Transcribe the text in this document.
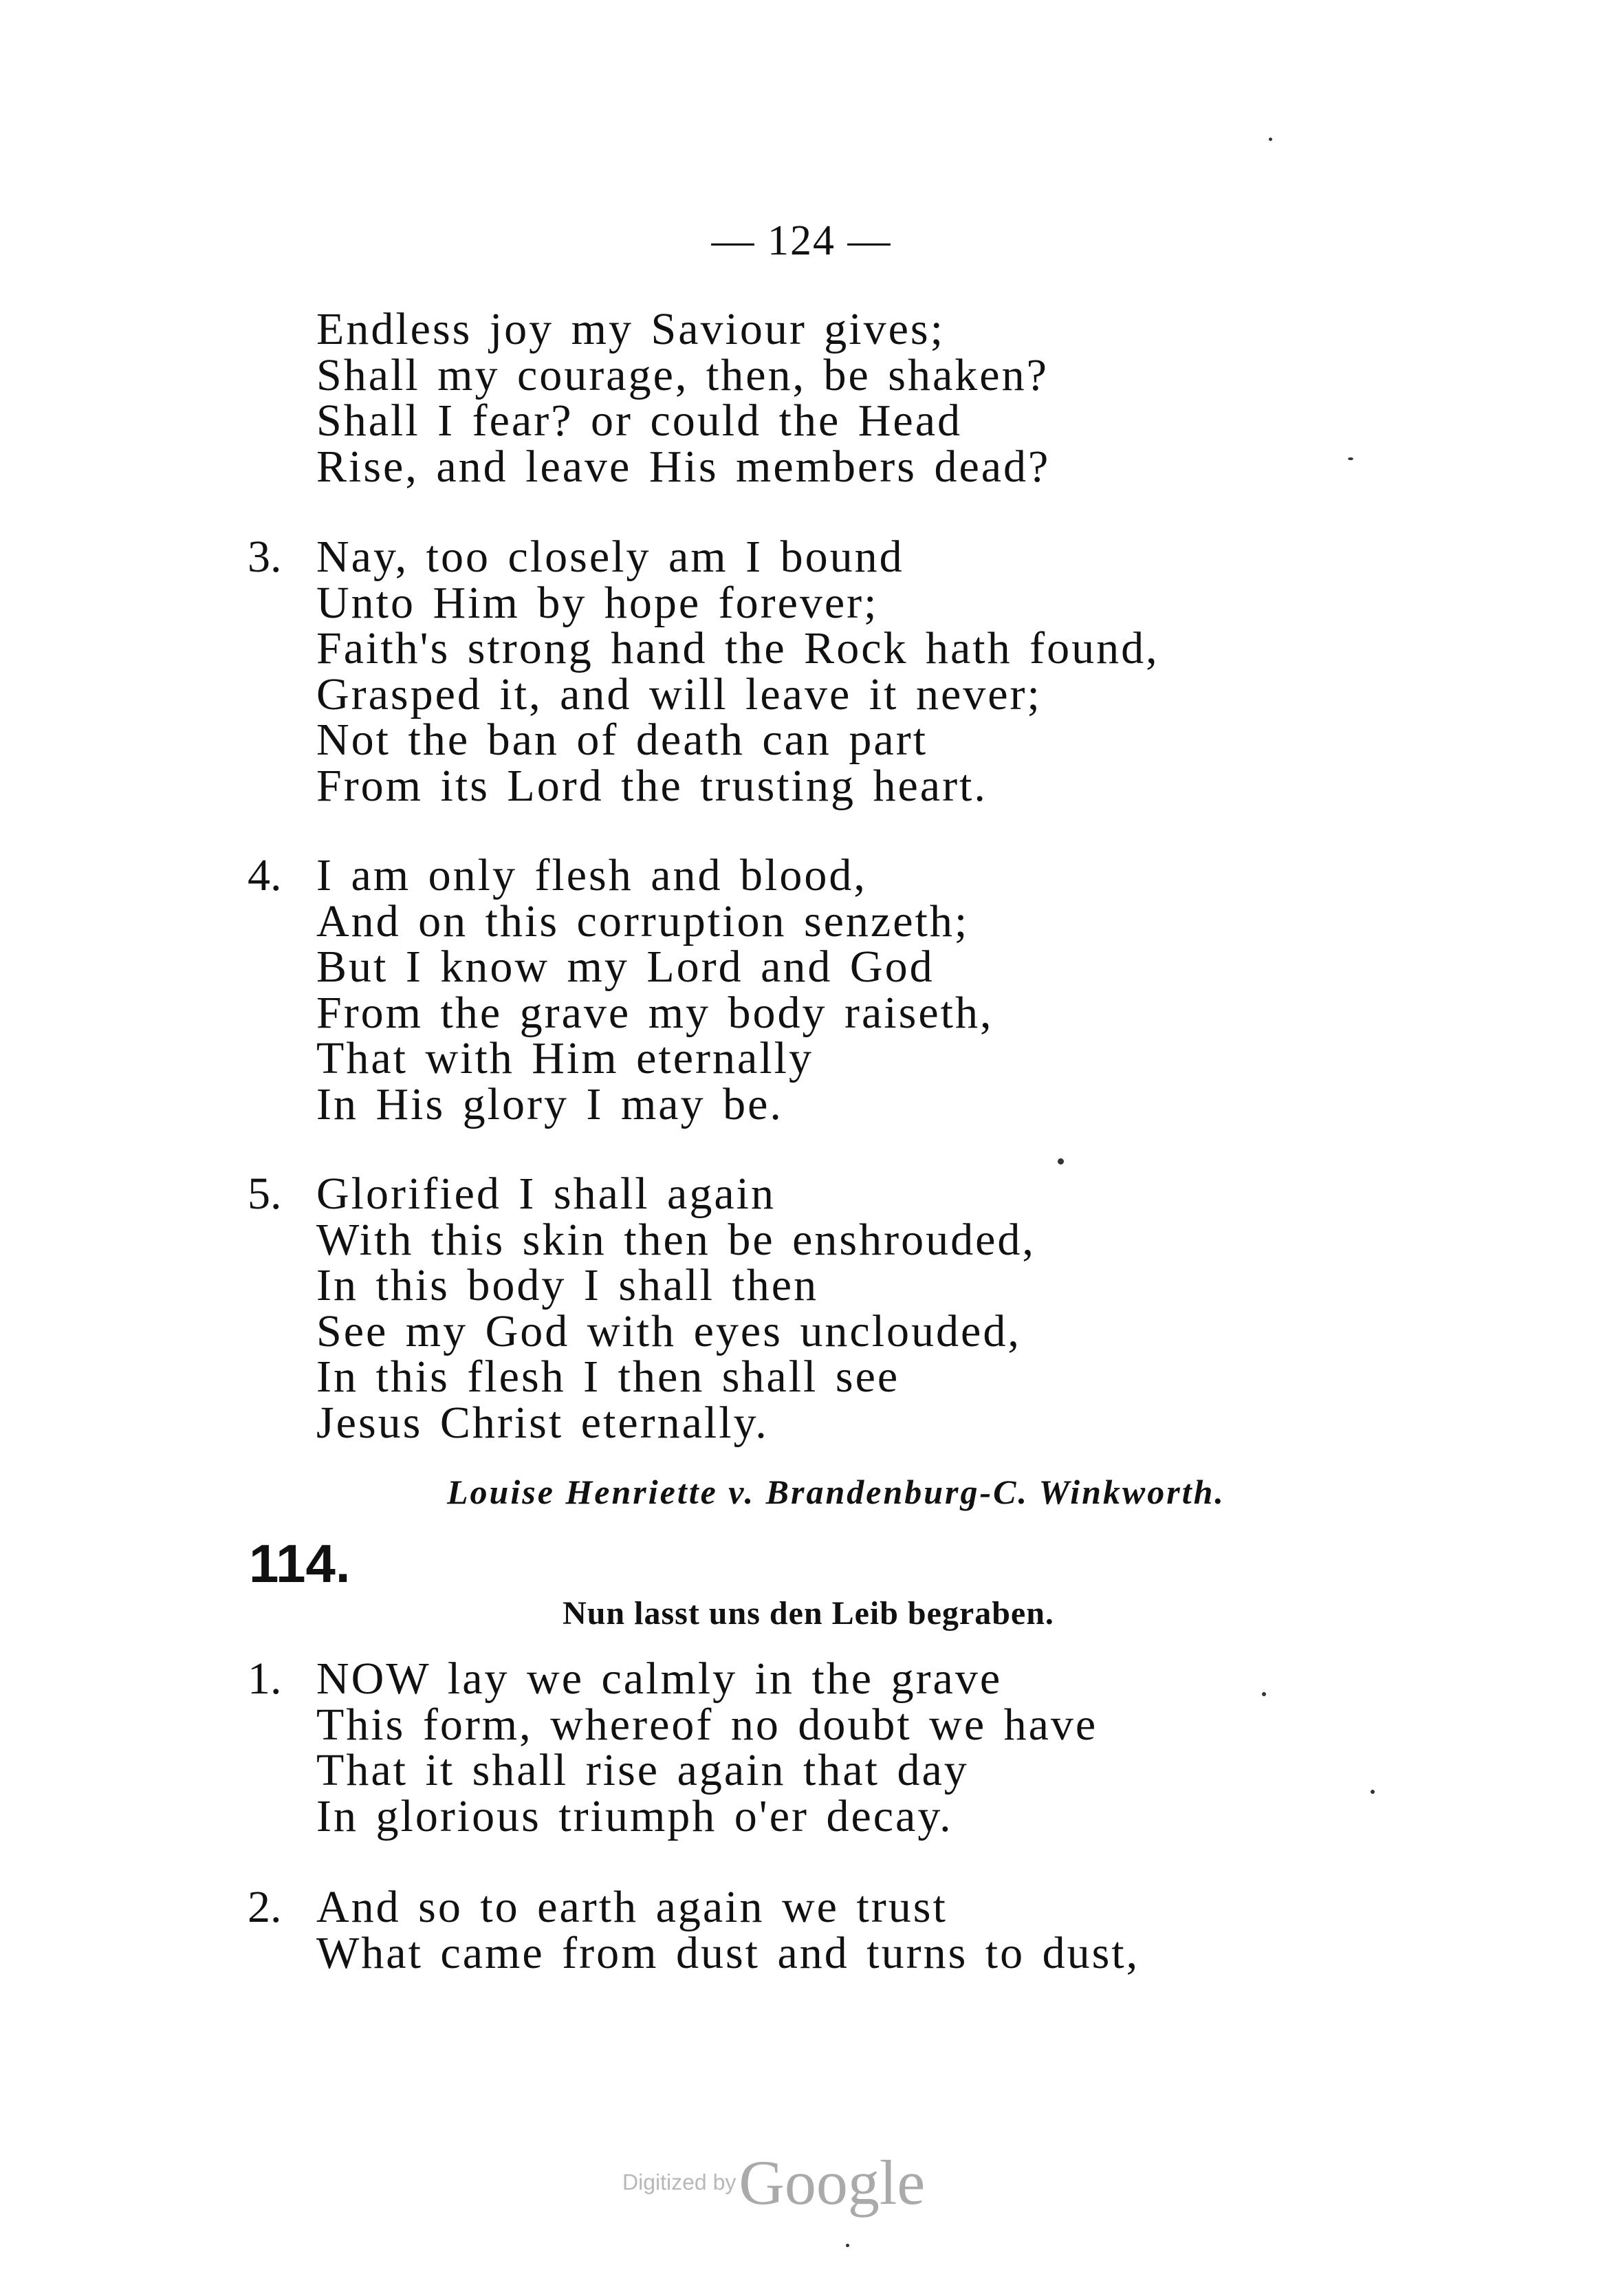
— 124 —
Endless joy my Saviour gives;
Shall my courage, then, be shaken?
Shall I fear? or could the Head
Rise, and leave His members dead?
3. Nay, too closely am I bound
Unto Him by hope forever;
Faith's strong hand the Rock hath found,
Grasped it, and will leave it never;
Not the ban of death can part
From its Lord the trusting heart.
4. I am only flesh and blood,
And on this corruption senzeth;
But I know my Lord and God
From the grave my body raiseth,
That with Him eternally
In His glory I may be.
5. Glorified I shall again
With this skin then be enshrouded,
In this body I shall then
See my God with eyes unclouded,
In this flesh I then shall see
Jesus Christ eternally.
Louise Henriette v. Brandenburg-C. Winkworth.
114.
Nun lasst uns den Leib begraben.
1. NOW lay we calmly in the grave
This form, whereof no doubt we have
That it shall rise again that day
In glorious triumph o'er decay.
2. And so to earth again we trust
What came from dust and turns to dust,
Digitized by Google
